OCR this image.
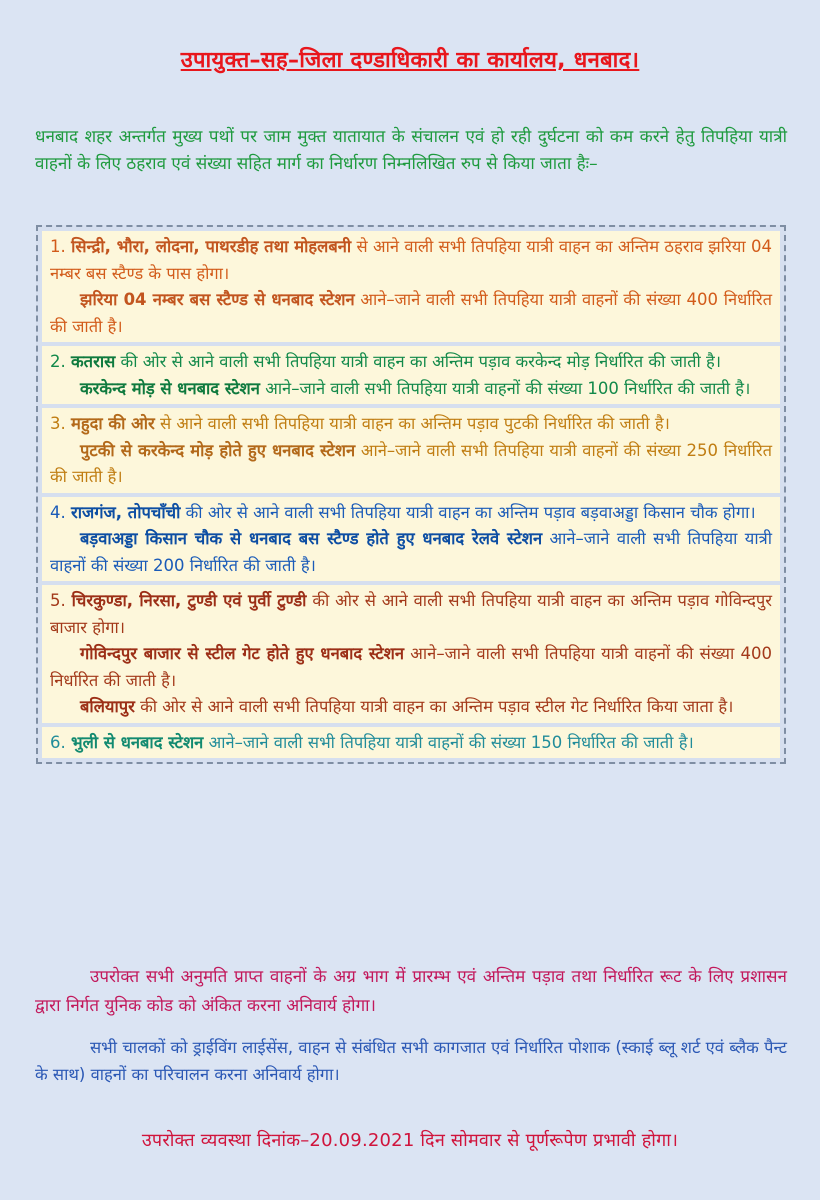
उपायुक्त–सह–जिला दण्डाधिकारी का कार्यालय, धनबाद।
धनबाद शहर अन्तर्गत मुख्य पथों पर जाम मुक्त यातायात के संचालन एवं हो रही दुर्घटना को कम करने हेतु तिपहिया यात्री वाहनों के लिए ठहराव एवं संख्या सहित मार्ग का निर्धारण निम्नलिखित रुप से किया जाता हैः–

1. सिन्द्री, भौरा, लोदना, पाथरडीह तथा मोहलबनी से आने वाली सभी तिपहिया यात्री वाहन का अन्तिम ठहराव झरिया 04 नम्बर बस स्टैण्ड के पास होगा।

झरिया 04 नम्बर बस स्टैण्ड से धनबाद स्टेशन आने–जाने वाली सभी तिपहिया यात्री वाहनों की संख्या 400 निर्धारित की जाती है।

2. कतरास की ओर से आने वाली सभी तिपहिया यात्री वाहन का अन्तिम पड़ाव करकेन्द मोड़ निर्धारित की जाती है।

करकेन्द मोड़ से धनबाद स्टेशन आने–जाने वाली सभी तिपहिया यात्री वाहनों की संख्या 100 निर्धारित की जाती है।

3. महुदा की ओर से आने वाली सभी तिपहिया यात्री वाहन का अन्तिम पड़ाव पुटकी निर्धारित की जाती है।

पुटकी से करकेन्द मोड़ होते हुए धनबाद स्टेशन आने–जाने वाली सभी तिपहिया यात्री वाहनों की संख्या 250 निर्धारित की जाती है।

4. राजगंज, तोपचाँची की ओर से आने वाली सभी तिपहिया यात्री वाहन का अन्तिम पड़ाव बड़वाअड्डा किसान चौक होगा।

बड़वाअड्डा किसान चौक से धनबाद बस स्टैण्ड होते हुए धनबाद रेलवे स्टेशन आने–जाने वाली सभी तिपहिया यात्री वाहनों की संख्या 200 निर्धारित की जाती है।

5. चिरकुण्डा, निरसा, टुण्डी एवं पुर्वी टुण्डी की ओर से आने वाली सभी तिपहिया यात्री वाहन का अन्तिम पड़ाव गोविन्दपुर बाजार होगा।

गोविन्दपुर बाजार से स्टील गेट होते हुए धनबाद स्टेशन आने–जाने वाली सभी तिपहिया यात्री वाहनों की संख्या 400 निर्धारित की जाती है।

बलियापुर की ओर से आने वाली सभी तिपहिया यात्री वाहन का अन्तिम पड़ाव स्टील गेट निर्धारित किया जाता है।

6. भुली से धनबाद स्टेशन आने–जाने वाली सभी तिपहिया यात्री वाहनों की संख्या 150 निर्धारित की जाती है।

उपरोक्त सभी अनुमति प्राप्त वाहनों के अग्र भाग में प्रारम्भ एवं अन्तिम पड़ाव तथा निर्धारित रूट के लिए प्रशासन द्वारा निर्गत युनिक कोड को अंकित करना अनिवार्य होगा।
सभी चालकों को ड्राईविंग लाईसेंस, वाहन से संबंधित सभी कागजात एवं निर्धारित पोशाक (स्काई ब्लू शर्ट एवं ब्लैक पैन्ट के साथ) वाहनों का परिचालन करना अनिवार्य होगा।
उपरोक्त व्यवस्था दिनांक–20.09.2021 दिन सोमवार से पूर्णरूपेण प्रभावी होगा।
